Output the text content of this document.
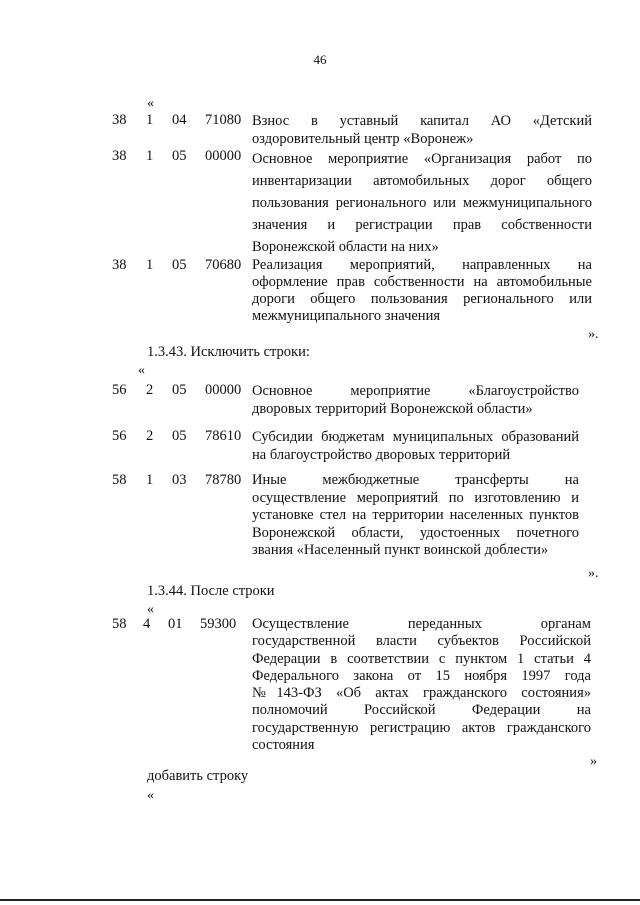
46
«
38 1 04 71080 Взнос в уставный капитал АО «Детский
оздоровительный центр «Воронеж»
38 1 05 00000 Основное мероприятие «Организация работ по
инвентаризации автомобильных дорог общего
пользования регионального или межмуниципального
значения и регистрации прав собственности
Воронежской области на них»
38 1 05 70680 Реализация мероприятий, направленных на
оформление прав собственности на автомобильные
дороги общего пользования регионального или
межмуниципального значения
».
1.3.43. Исключить строки:
«
56 2 05 00000 Основное мероприятие «Благоустройство
дворовых территорий Воронежской области»
56 2 05 78610 Субсидии бюджетам муниципальных образований
на благоустройство дворовых территорий
58 1 03 78780 Иные межбюджетные трансферты на
осуществление мероприятий по изготовлению и
установке стел на территории населенных пунктов
Воронежской области, удостоенных почетного
звания «Населенный пункт воинской доблести»
».
1.3.44. После строки
«
58 4 01 59300 Осуществление переданных органам
государственной власти субъектов Российской
Федерации в соответствии с пунктом 1 статьи 4
Федерального закона от 15 ноября 1997 года
№143-ФЗ «Об актах гражданского состояния»
полномочий Российской Федерации на
государственную регистрацию актов гражданского
состояния
»
добавить строку
«
